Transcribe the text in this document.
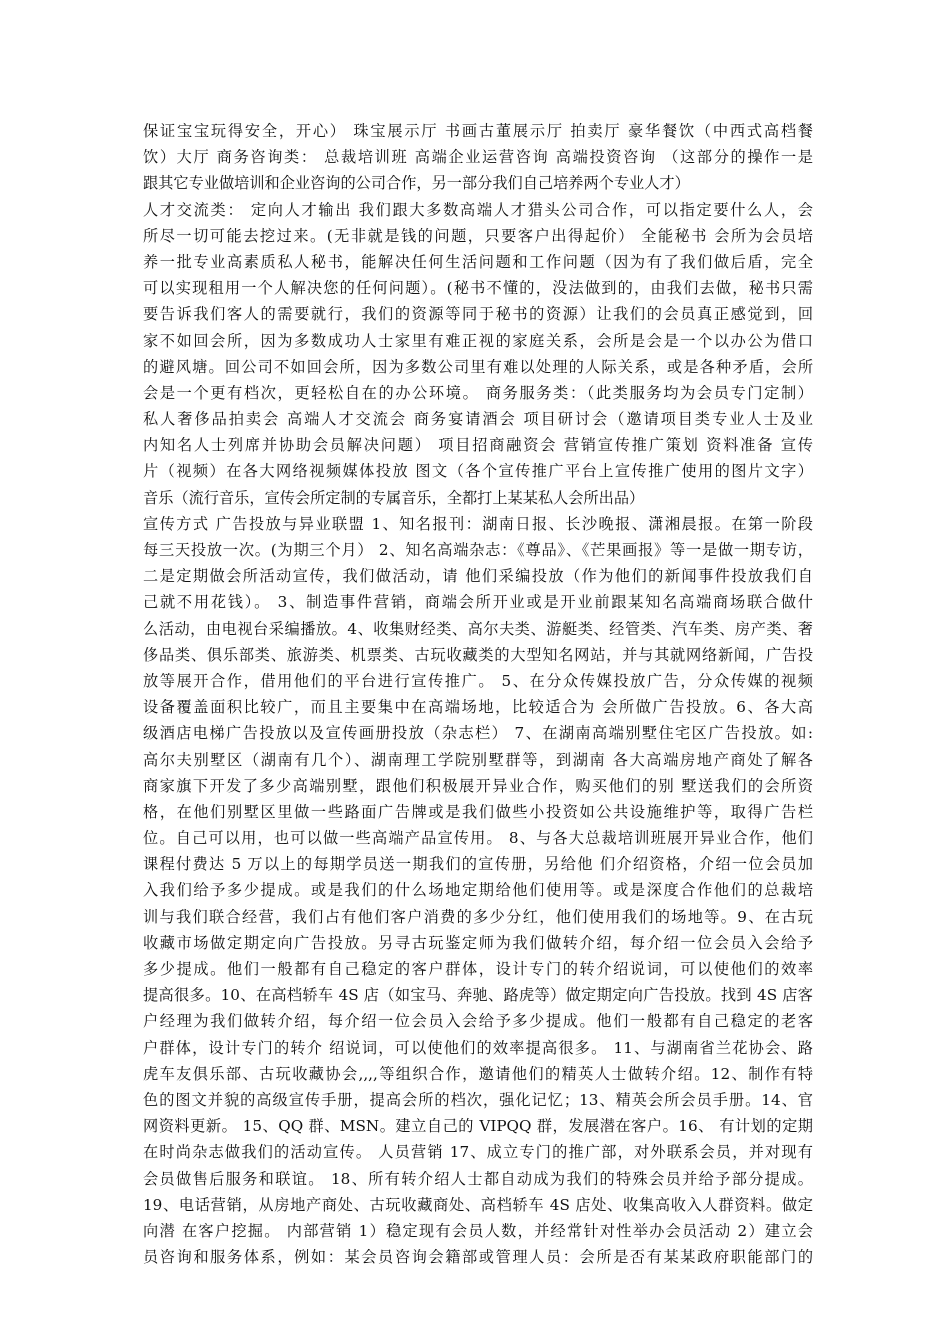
保证宝宝玩得安全，开心） 珠宝展示厅 书画古董展示厅 拍卖厅 豪华餐饮（中西式高档餐
饮）大厅 商务咨询类： 总裁培训班 高端企业运营咨询 高端投资咨询 （这部分的操作一是
跟其它专业做培训和企业咨询的公司合作，另一部分我们自己培养两个专业人才）
人才交流类： 定向人才输出 我们跟大多数高端人才猎头公司合作，可以指定要什么人，会
所尽一切可能去挖过来。(无非就是钱的问题，只要客户出得起价） 全能秘书 会所为会员培
养一批专业高素质私人秘书，能解决任何生活问题和工作问题（因为有了我们做后盾，完全
可以实现租用一个人解决您的任何问题）。(秘书不懂的，没法做到的，由我们去做，秘书只需
要告诉我们客人的需要就行，我们的资源等同于秘书的资源）让我们的会员真正感觉到，回
家不如回会所，因为多数成功人士家里有难正视的家庭关系，会所是会是一个以办公为借口
的避风塘。回公司不如回会所，因为多数公司里有难以处理的人际关系，或是各种矛盾，会所
会是一个更有档次，更轻松自在的办公环境。 商务服务类：（此类服务均为会员专门定制）
私人奢侈品拍卖会 高端人才交流会 商务宴请酒会 项目研讨会（邀请项目类专业人士及业
内知名人士列席并协助会员解决问题） 项目招商融资会 营销宣传推广策划 资料准备 宣传
片（视频）在各大网络视频媒体投放 图文（各个宣传推广平台上宣传推广使用的图片文字）
音乐（流行音乐，宣传会所定制的专属音乐，全都打上某某私人会所出品）
宣传方式 广告投放与异业联盟 1、知名报刊：湖南日报、长沙晚报、潇湘晨报。在第一阶段
每三天投放一次。(为期三个月） 2、知名高端杂志：《尊品》、《芒果画报》等一是做一期专访，
二是定期做会所活动宣传，我们做活动，请 他们采编投放（作为他们的新闻事件投放我们自
己就不用花钱）。 3、制造事件营销，商端会所开业或是开业前跟某知名高端商场联合做什
么活动，由电视台采编播放。4、收集财经类、高尔夫类、游艇类、经管类、汽车类、房产类、奢
侈品类、俱乐部类、旅游类、机票类、古玩收藏类的大型知名网站，并与其就网络新闻，广告投
放等展开合作，借用他们的平台进行宣传推广。 5、在分众传媒投放广告，分众传媒的视频
设备覆盖面积比较广，而且主要集中在高端场地，比较适合为 会所做广告投放。6、各大高
级酒店电梯广告投放以及宣传画册投放（杂志栏） 7、在湖南高端别墅住宅区广告投放。如:
高尔夫别墅区（湖南有几个）、湖南理工学院别墅群等，到湖南 各大高端房地产商处了解各
商家旗下开发了多少高端别墅，跟他们积极展开异业合作，购买他们的别 墅送我们的会所资
格，在他们别墅区里做一些路面广告牌或是我们做些小投资如公共设施维护等，取得广告栏
位。自己可以用，也可以做一些高端产品宣传用。 8、与各大总裁培训班展开异业合作，他们
课程付费达 5 万以上的每期学员送一期我们的宣传册，另给他 们介绍资格，介绍一位会员加
入我们给予多少提成。或是我们的什么场地定期给他们使用等。或是深度合作他们的总裁培
训与我们联合经营，我们占有他们客户消费的多少分红，他们使用我们的场地等。9、在古玩
收藏市场做定期定向广告投放。另寻古玩鉴定师为我们做转介绍，每介绍一位会员入会给予
多少提成。他们一般都有自己稳定的客户群体，设计专门的转介绍说词，可以使他们的效率
提高很多。10、在高档轿车 4S 店（如宝马、奔驰、路虎等）做定期定向广告投放。找到 4S 店客
户经理为我们做转介绍，每介绍一位会员入会给予多少提成。他们一般都有自己稳定的老客
户群体，设计专门的转介 绍说词，可以使他们的效率提高很多。 11、与湖南省兰花协会、路
虎车友俱乐部、古玩收藏协会,,,,等组织合作，邀请他们的精英人士做转介绍。12、制作有特
色的图文并貌的高级宣传手册，提高会所的档次，强化记忆；13、精英会所会员手册。14、官
网资料更新。 15、QQ 群、MSN。建立自己的 VIPQQ 群，发展潜在客户。16、 有计划的定期
在时尚杂志做我们的活动宣传。 人员营销 17、成立专门的推广部，对外联系会员，并对现有
会员做售后服务和联谊。 18、所有转介绍人士都自动成为我们的特殊会员并给予部分提成。
19、电话营销，从房地产商处、古玩收藏商处、高档轿车 4S 店处、收集高收入人群资料。做定
向潜 在客户挖掘。 内部营销 1）稳定现有会员人数，并经常针对性举办会员活动 2）建立会
员咨询和服务体系，例如：某会员咨询会籍部或管理人员：会所是否有某某政府职能部门的
